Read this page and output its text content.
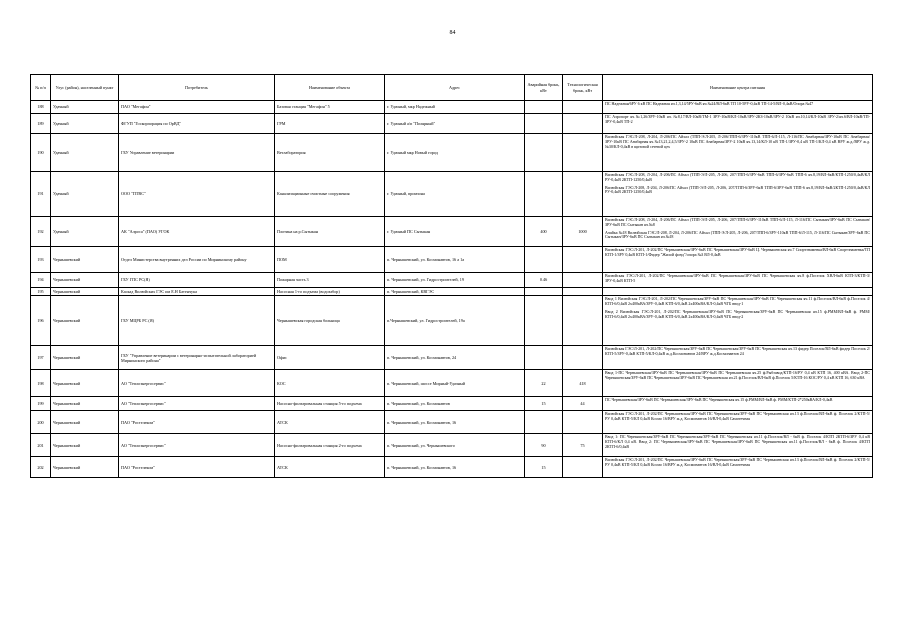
84
№ п/п	Улус (район), населенный пункт	Потребитель	Наименование объекта	Адрес	Аварийная бронь, кВт	Технологическая бронь, кВт	Наименование центра питания
188	Удачный	ПАО "Мегафон"	Базовая станция "Мегафон" 5	г. Удачный, мкр Надежный			ПС Надежная/6РУ 6 кВ ПС Надежная яч.1,3,14/5РУ-6кВ яч.№24/ВЛ-6кВ ТП 10-5РУ-0,4кВ ТП-14-5/ВЛ-0,4кВ/Опора №47

189	Удачный	ФГУП "Госкорпорация по ОрВД"	ГРМ	г. Удачный а/п "Полярный"			ПС Аэропорт яч.№1,26/ЗРУ-10кВ яч. №8,17/ВЛ-10кВ/ТМ-1 ЗРУ-10кВ/КЛ-10кВ/ЗРУ-2КЗ-10кВ/ЗРУ-2 10кВ яч.10,14/КЛ-10кВ ЗРУ-2/яч.6/ВЛ-10кВ/ТП-ЗРУ-0,4кВ ТП-2

190	Удачный	ГБУ Управление ветеринарии	Ветлаборатория	г. Удачный мкр Новый город			Вилюйская ГЭС/Л-208, Л-204, Л-206/ПС Айхал (ТПП-Э/Л-205, Л-206/ТПП-6/ЗРУ-110кВ ТПП-6/Л-115, Л-116/ПС Анабарная/ЗРУ-10кВ ПС Анабарная/ЗРУ-10кВ ПС Анабарная яч.№13,21,2,4,5/ЗРУ-2 10кВ ПС Анабарная/ЗРУ-2 10кВ яч.13,14/КЛ-10 кВ ТП-1/ЗРУ-0,4 кВ ТП-1/КЛ-0,4 кВ ВРУ ж.д./ВРУ ж.д. №30/КЛ-0,4кВ в щитовой сетевой цех

191	Удачный	ООО "ПТВС"	Канализационные очистные сооружения	г. Удачный, промзона			Вилюйская ГЭС/Л-208, Л-204, Л-206/ПС Айхал (ТПП-Э/Л-205, Л-206, 207/ТПП-6/ЗРУ-6кВ ТПП-6/ЗРУ-6кВ ТПП-6 яч.8,19/ВЛ-6кВ/КТП-1250/0,4кВ/КЛ РУ-0,4кВ 2КТП-1250/0,4кВ
Вилюйская ГЭС/Л-208, Л-204, Л-206/ПС Айхал (ТПП-Э/Л-205, Л-206, 207/ТПП-6/ЗРУ-6кВ ТПП-6/ЗРУ-6кВ ТПП-6 яч.8,19/ВЛ-6кВ/2КТП-1250/0,4кВ/КЛ РУ-0,4кВ 2КТП-1250/0,4кВ

192	Удачный	АК "Алроса" (ПАО) УГОК	Плотина на р.Сытыкан	г. Удачный ПС Сытыкан	400	1000	Вилюйская ГЭС/Л-208, Л-204, Л-206/ПС Айхал (ТПП-Э/Л-205, Л-206, 207/ТПП-6/ЗРУ-110кВ ТПП-6/Л-115, Л-116/ПС Сытыкан/ЗРУ-6кВ ПС Сытыкан/ЗРУ-6кВ ПС Сытыкан яч.№8
Ачайка №18 Вилюйская ГЭС/Л-208, Л-204, Л-206/ПС Айхал (ТПП-Э/Л-205, Л-206, 207/ТПП-6/ЗРУ-110кВ ТПП-6/Л-115, Л-116/ПС Сытыкан/ЗРУ-6кВ ПС Сытыкан/ЗРУ-6кВ ПС Сытыкан яч.№18

193	Чернышевский	Отдел Министерства внутренних дел России по Мирнинскому району	ПОМ	п. Чернышевский, ул. Космонавтов, 16 а 1а			Вилюйская ГЭС/Л-201, Л-202/ПС Чернышевская/ЗРУ-6кВ ПС Чернышевская/ЗРУ-6кВ Ц. Чернышевская яч.7 Спортзнаменка/ВЛ-6кВ Спортзнаменка/ТП КТП-1/ЗРУ 0,4кВ КТП-1/Фидер "Жилой фонд"/опора №3 ВЛ-0,4кВ

194	Чернышевский	ГБУ ГПС РС(Я)	Пожарная часть 3	п. Чернышевский, ул. Гидростроителей, 19	0.46		Вилюйская ГЭС/Л-201, Л-202/ПС Чернышевская/ЗРУ-6кВ ПС Чернышевская/ЗРУ-6кВ ПС Чернышевская яч.8 ф.Поселок ХВЛ-6кВ КТП-3/КТП-3/ЗРУ-0,4кВ КТП-5

195	Чернышевский	Каскад Вилюйских ГЭС им Е.Н Батенчука	Насосная 1-го подъема (водозабор)	п. Чернышевский, КВГЭС			
196	Чернышевский	ГБУ МЦРБ РС (Я)	Чернышевская городская больница	п.Чернышевский, ул. Гидростроителей, 19а			Ввод 1 Вилюйская ГЭС/Л-201, Л-202/ПС Чернышевская/ЗРУ-6кВ ПС Чернышевская/ЗРУ-6кВ ПС Чернышевская яч.11 ф.Поселок/ВЛ-6кВ ф.Поселок 4/КТП-6/0,4кВ 2х400кВА/ЗРУ-0,4кВ КТП-6/0,4кВ 2х400кВА/КЛ-0,4кВ ЧГБ ввод-1
Ввод 2 Вилюйская ГЭС/Л-201, Л-202/ПС Чернышевская/ЗРУ-6кВ ПС Чернышевская/ЗРУ-6кВ ПС Чернышевская яч.15 ф.РММ/ВЛ-6кВ ф. РММ/КТП-6/0,4кВ 2х400кВА/ЗРУ-0,4кВ КТП-6/0,4кВ 2х400кВА/КЛ-0,4кВ ЧГБ ввод-2

197	Чернышевский	ГБУ "Управление ветеринарии с ветеринарно-испытательной лабораторией Мирнинского района"	Офис	п. Чернышевский, ул. Космонавтов, 24			Вилюйская ГЭС/Л-201, Л-202/ПС Чернышевская/ЗРУ-6кВ ПС Чернышевская/ЗРУ-6кВ ПС Чернышевская яч.13 фидер Поселок/ВЛ-6кВ фидер Поселок 2/КТП-5/ЗРУ-0,4кВ КТП-5/КЛ-0,4кВ ж.д.Космонавтов 24/ВРУ ж.д.Космонавтов 24

198	Чернышевский	АО "Теплоэнергосервис"	КОС	п. Чернышевский, шоссе Мирный-Удачный	22	418	Ввод 1-ПС Чернышевская/ЗРУ-6кВ ПС Чернышевская/ЗРУ-6кВ ПС Чернышевская яч.25 ф.Рыбзавод/КТП-16/РУ 0,4 кВ КТП 16, 400 кВА. Ввод 2-ПС Чернышевская/ЗРУ-6кВ ПС Чернышевская/ЗРУ-6кВ ПС Чернышевская яч.21 ф.Поселок/ВЛ-6кВ ф.Поселок 5/КТП-16 КОС/РУ 0,4 кВ КТП 16, 630 кВА

199	Чернышевский	АО "Теплоэнергосервис"	Насосно-фильтровальная станция 5-го подъема	п. Чернышевский, ул. Космонавтов	15	44	ПС Чернышевская/ЗРУ-6кВ ПС Чернышевская/ЗРУ-6кВ ПС Чернышевская яч.15 ф.РММ/ВЛ-6кВ ф. РММ/КТП-2*250кВА/КЛ-0,4кВ

200	Чернышевский	ПАО "Ростелеком"	АТСК	п. Чернышевский, ул. Космонавтов, 16			Вилюйская ГЭС/Л-201, Л-202/ПС Чернышевская/ЗРУ-6кВ ПС Чернышевская/ЗРУ-6кВ ПС Чернышевская яч.13 ф.Поселок/ВЛ-6кВ ф. Поселок 2/КТП-5/РУ 0,4кВ КТП-5/КЛ 0,4кВ Космо 16/ВРУ ж.д. Космонавтов 16/ВЛ-0,4кВ Самотечная

201	Чернышевский	АО "Теплоэнергосервис"	Насосно-фильтровальная станция 2-го подъема	п. Чернышевский, ул. Чернышевского	90	75	Ввод 1: ПС Чернышевская/ЗРУ-6кВ ПС Чернышевская/ЗРУ-6кВ ПС Чернышевская яч.11 ф.Поселок/ВЛ - 6кВ ф. Поселок 4/КТП 2КТП-6/ЗРУ 0,4 кВ КТП-6/КЛ 0,4 кВ. Ввод 2: ПС Чернышевская/ЗРУ-6кВ ПС Чернышевская/ЗРУ-6кВ ПС Чернышевская яч.11 ф.Поселок/ВЛ - 6кВ ф. Поселок 4/КТП 2КТП-6/0,4кВ

202	Чернышевский	ПАО "Ростелеком"	АТСК	п. Чернышевский, ул. Космонавтов, 16	15		Вилюйская ГЭС/Л-201, Л-202/ПС Чернышевская/ЗРУ-6кВ ПС Чернышевская/ЗРУ-6кВ ПС Чернышевская яч.13 ф.Поселок/ВЛ-6кВ ф. Поселок 2/КТП-5/РУ 0,4кВ КТП-5/КЛ 0,4кВ Космо 16/ВРУ ж.д. Космонавтов 16/ВЛ-0,4кВ Самотечная
